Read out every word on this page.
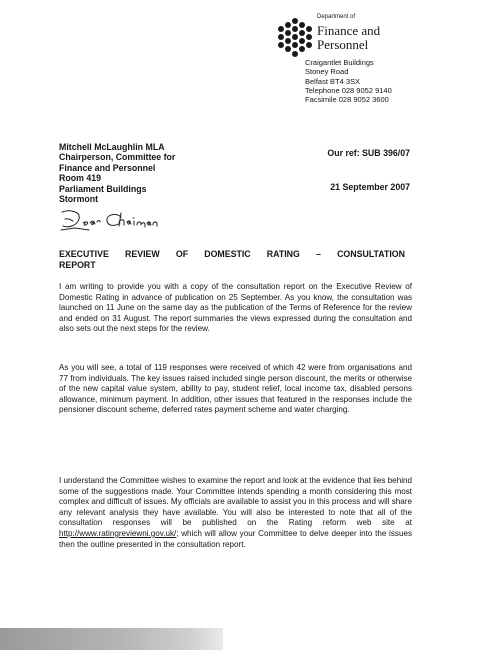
Department of
Finance and
Personnel
Craigantlet Buildings
Stoney Road
Belfast BT4 3SX
Telephone 028 9052 9140
Facsimile 028 9052 3600
Mitchell McLaughlin MLA
Chairperson, Committee for
Finance and Personnel
Room 419
Parliament Buildings
Stormont
Our ref: SUB 396/07
21 September 2007
EXECUTIVE REVIEW OF DOMESTIC RATING – CONSULTATION
REPORT

I am writing to provide you with a copy of the consultation report on the Executive Review of Domestic Rating in advance of publication on 25 September. As you know, the consultation was launched on 11 June on the same day as the publication of the Terms of Reference for the review and ended on 31 August. The report summaries the views expressed during the consultation and also sets out the next steps for the review.

As you will see, a total of 119 responses were received of which 42 were from organisations and 77 from individuals. The key issues raised included single person discount, the merits or otherwise of the new capital value system, ability to pay, student relief, local income tax, disabled persons allowance, minimum payment. In addition, other issues that featured in the responses include the pensioner discount scheme, deferred rates payment scheme and water charging.

I understand the Committee wishes to examine the report and look at the evidence that lies behind some of the suggestions made. Your Committee intends spending a month considering this most complex and difficult of issues. My officials are available to assist you in this process and will share any relevant analysis they have available. You will also be interested to note that all of the consultation responses will be published on the Rating reform web site at http://www.ratingreviewni.gov.uk/; which will allow your Committee to delve deeper into the issues then the outline presented in the consultation report.
